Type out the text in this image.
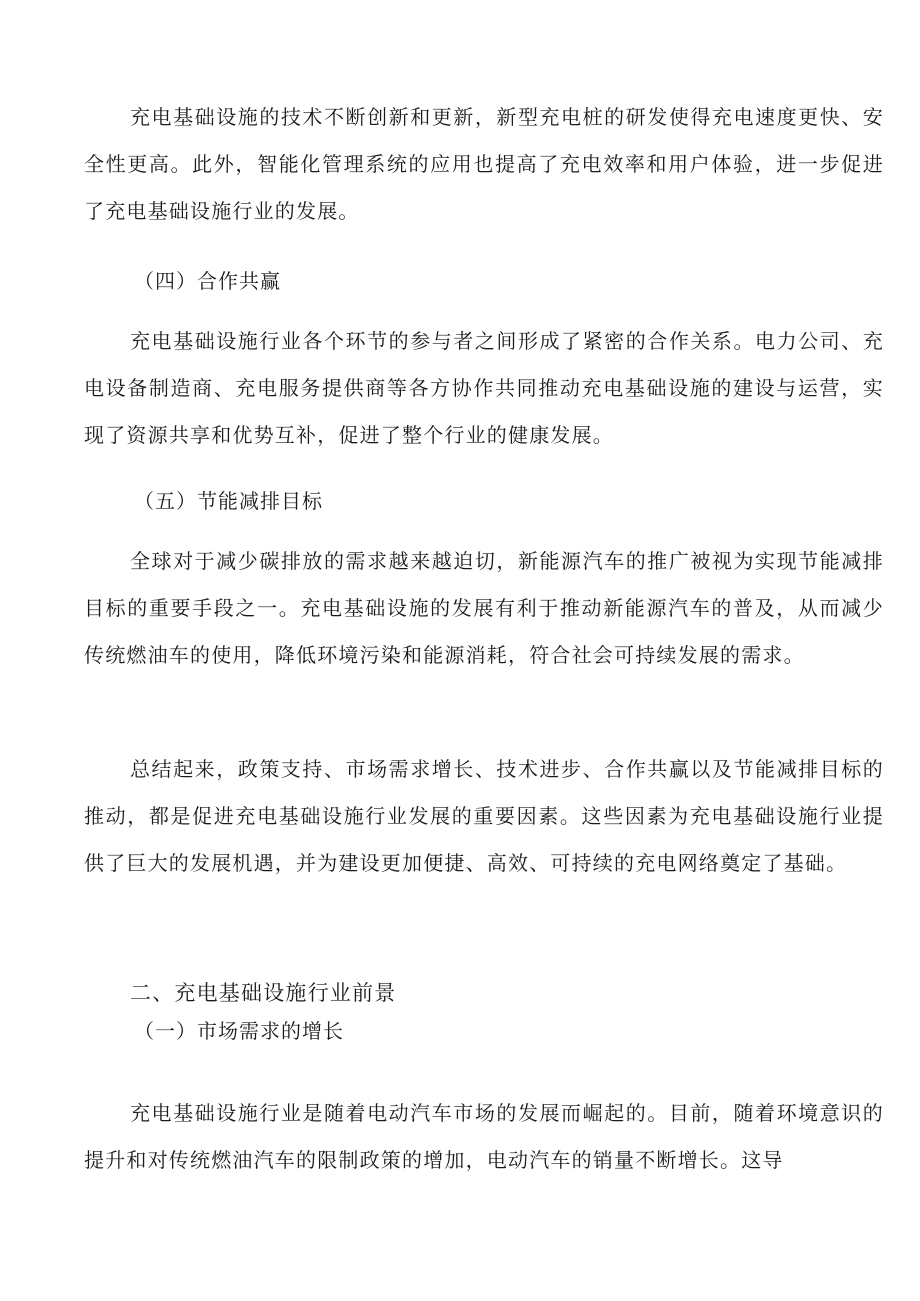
充电基础设施的技术不断创新和更新，新型充电桩的研发使得充电速度更快、安全性更高。此外，智能化管理系统的应用也提高了充电效率和用户体验，进一步促进了充电基础设施行业的发展。

（四）合作共赢

充电基础设施行业各个环节的参与者之间形成了紧密的合作关系。电力公司、充电设备制造商、充电服务提供商等各方协作共同推动充电基础设施的建设与运营，实现了资源共享和优势互补，促进了整个行业的健康发展。

（五）节能减排目标

全球对于减少碳排放的需求越来越迫切，新能源汽车的推广被视为实现节能减排目标的重要手段之一。充电基础设施的发展有利于推动新能源汽车的普及，从而减少传统燃油车的使用，降低环境污染和能源消耗，符合社会可持续发展的需求。

总结起来，政策支持、市场需求增长、技术进步、合作共赢以及节能减排目标的推动，都是促进充电基础设施行业发展的重要因素。这些因素为充电基础设施行业提供了巨大的发展机遇，并为建设更加便捷、高效、可持续的充电网络奠定了基础。

二、充电基础设施行业前景

（一）市场需求的增长

充电基础设施行业是随着电动汽车市场的发展而崛起的。目前，随着环境意识的提升和对传统燃油汽车的限制政策的增加，电动汽车的销量不断增长。这导
